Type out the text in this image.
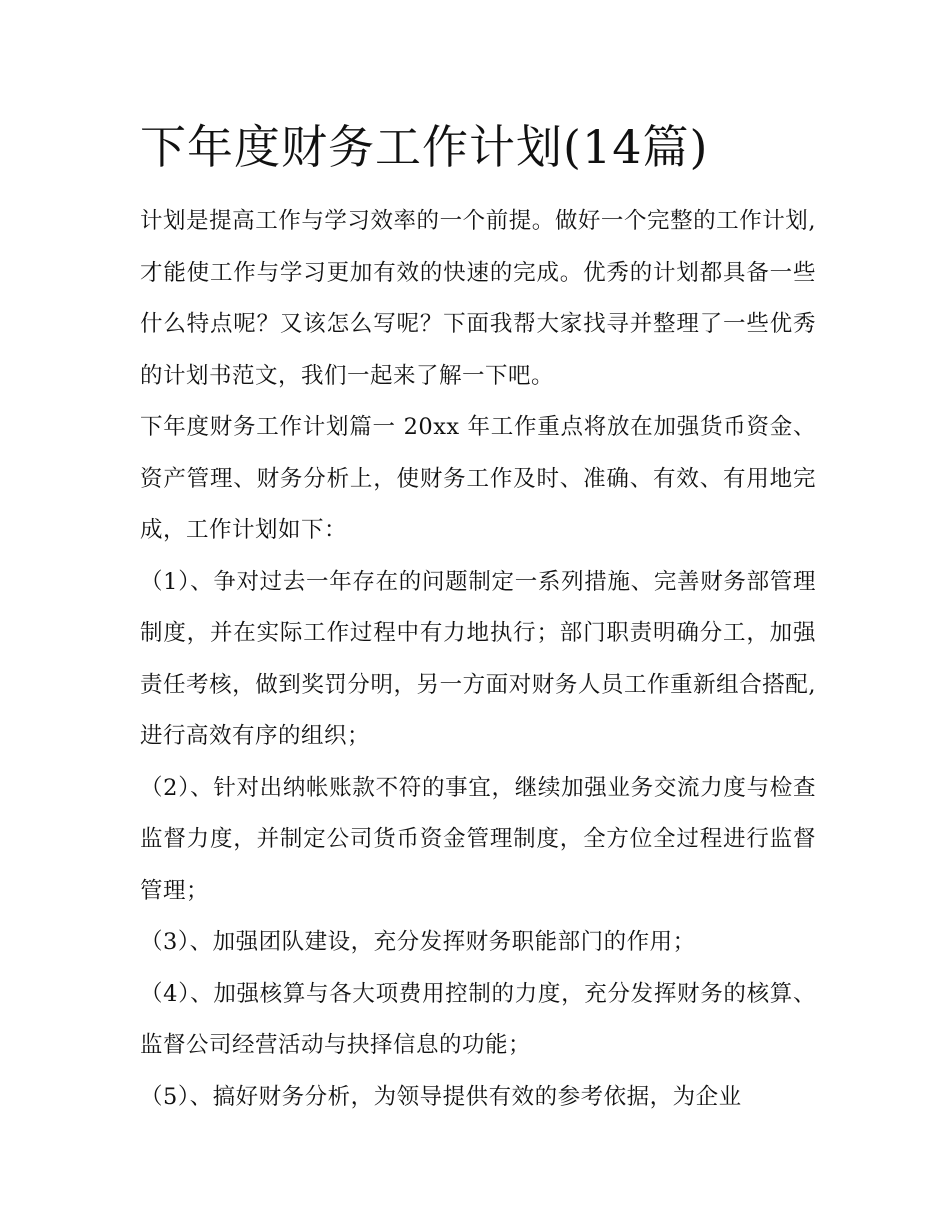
下年度财务工作计划(14篇)

计划是提高工作与学习效率的一个前提。做好一个完整的工作计划,才能使工作与学习更加有效的快速的完成。优秀的计划都具备一些什么特点呢？又该怎么写呢？下面我帮大家找寻并整理了一些优秀的计划书范文，我们一起来了解一下吧。

下年度财务工作计划篇一 20xx 年工作重点将放在加强货币资金、资产管理、财务分析上，使财务工作及时、准确、有效、有用地完成，工作计划如下：

（1）、争对过去一年存在的问题制定一系列措施、完善财务部管理制度，并在实际工作过程中有力地执行；部门职责明确分工，加强责任考核，做到奖罚分明，另一方面对财务人员工作重新组合搭配,进行高效有序的组织；

（2）、针对出纳帐账款不符的事宜，继续加强业务交流力度与检查监督力度，并制定公司货币资金管理制度，全方位全过程进行监督管理；

（3）、加强团队建设，充分发挥财务职能部门的作用；

（4）、加强核算与各大项费用控制的力度，充分发挥财务的核算、监督公司经营活动与抉择信息的功能；

（5）、搞好财务分析，为领导提供有效的参考依据，为企业
